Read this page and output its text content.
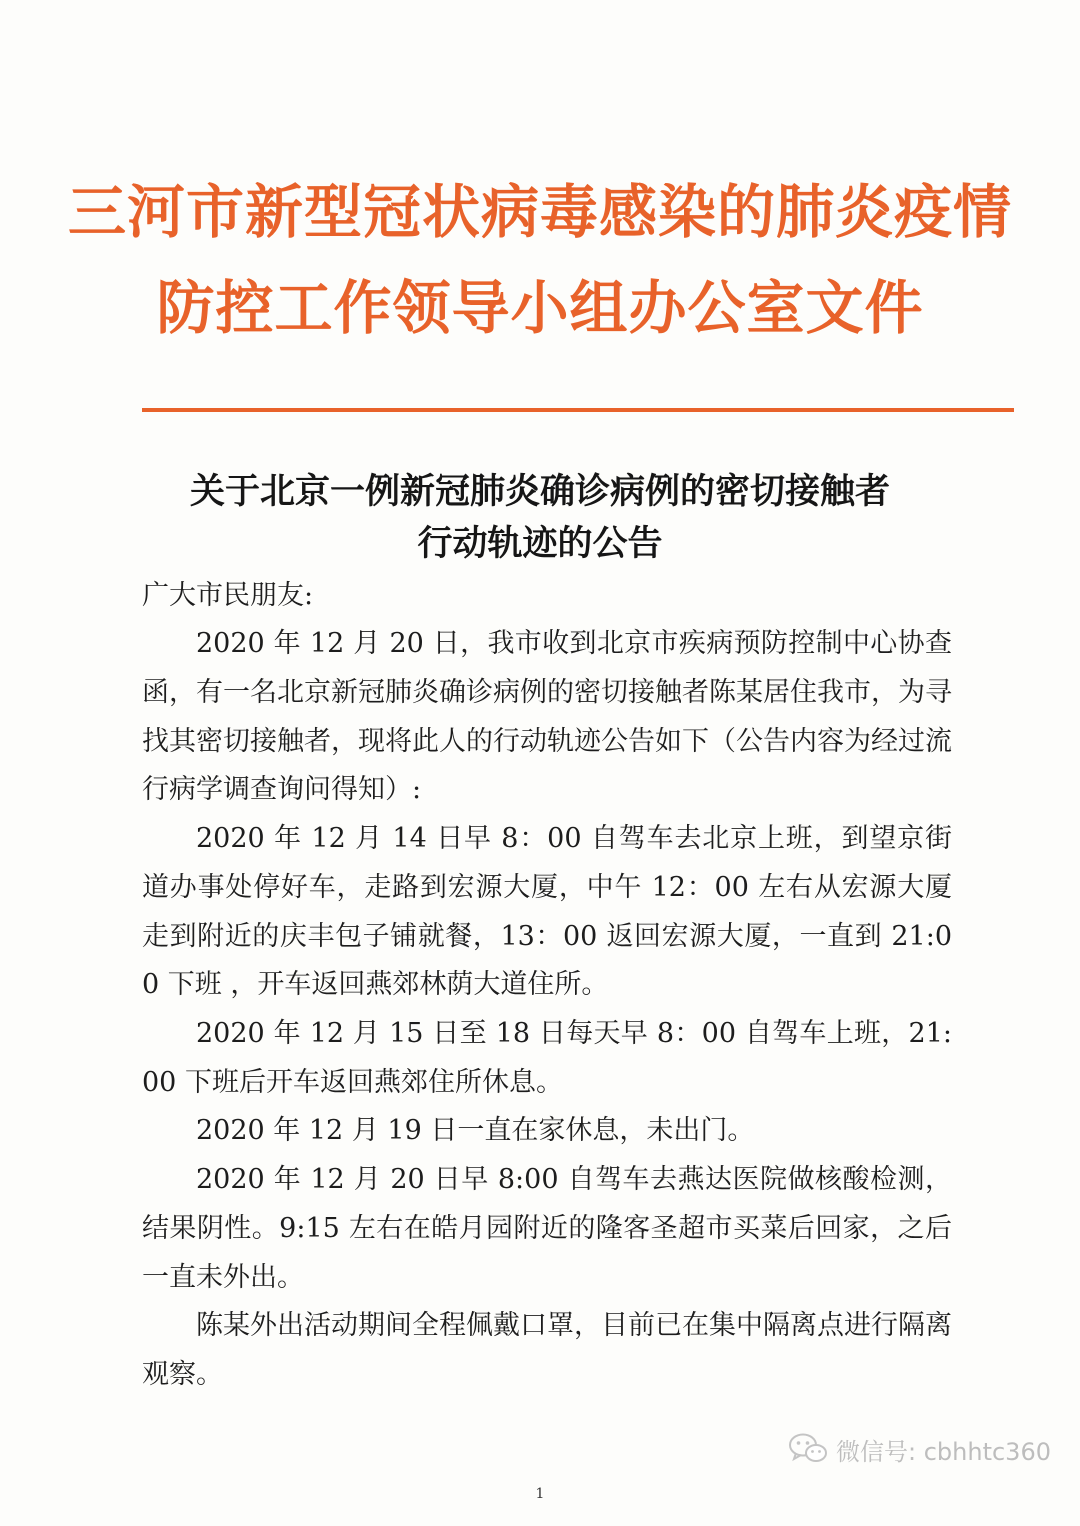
三河市新型冠状病毒感染的肺炎疫情
防控工作领导小组办公室文件
关于北京一例新冠肺炎确诊病例的密切接触者
行动轨迹的公告
广大市民朋友:
2020 年 12 月 20 日，我市收到北京市疾病预防控制中心协查函，有一名北京新冠肺炎确诊病例的密切接触者陈某居住我市，为寻找其密切接触者，现将此人的行动轨迹公告如下（公告内容为经过流行病学调查询问得知）:
2020 年 12 月 14 日早 8：00 自驾车去北京上班，到望京街道办事处停好车，走路到宏源大厦，中午 12：00 左右从宏源大厦走到附近的庆丰包子铺就餐，13：00 返回宏源大厦，一直到 21:00 下班 ，开车返回燕郊林荫大道住所。
2020 年 12 月 15 日至 18 日每天早 8：00 自驾车上班，21:00 下班后开车返回燕郊住所休息。
2020 年 12 月 19 日一直在家休息，未出门。
2020 年 12 月 20 日早 8:00 自驾车去燕达医院做核酸检测，结果阴性。9:15 左右在皓月园附近的隆客圣超市买菜后回家，之后一直未外出。
陈某外出活动期间全程佩戴口罩，目前已在集中隔离点进行隔离观察。
1
微信号: cbhhtc360
